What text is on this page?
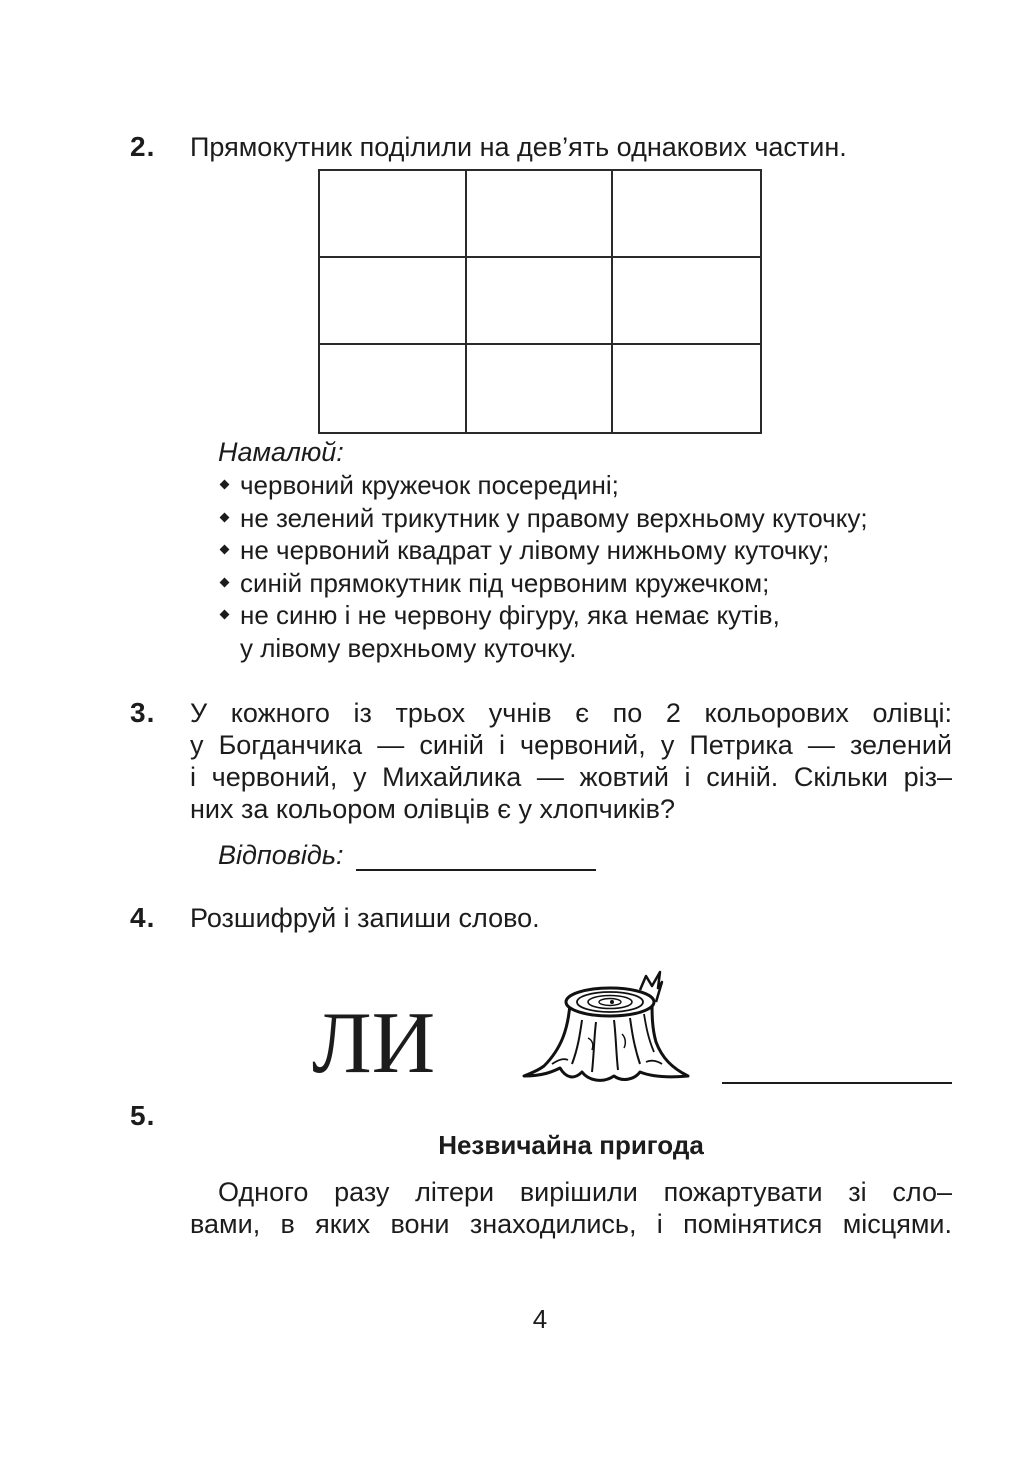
2. Прямокутник поділили на дев’ять однакових частин.
Намалюй:
червоний кружечок посередині;
не зелений трикутник у правому верхньому куточку;
не червоний квадрат у лівому нижньому куточку;
синій прямокутник під червоним кружечком;
не синю і не червону фігуру, яка немає кутів,
у лівому верхньому куточку.
3. У кожного із трьох учнів є по 2 кольорових олівці:
у Богданчика — синій і червоний, у Петрика — зелений
і червоний, у Михайлика — жовтий і синій. Скільки різ–
них за кольором олівців є у хлопчиків?
Відповідь:
4. Розшифруй і запиши слово.
ЛИ
5.
Незвичайна пригода
Одного разу літери вирішили пожартувати зі сло–
вами, в яких вони знаходились, і помінятися місцями.
4
